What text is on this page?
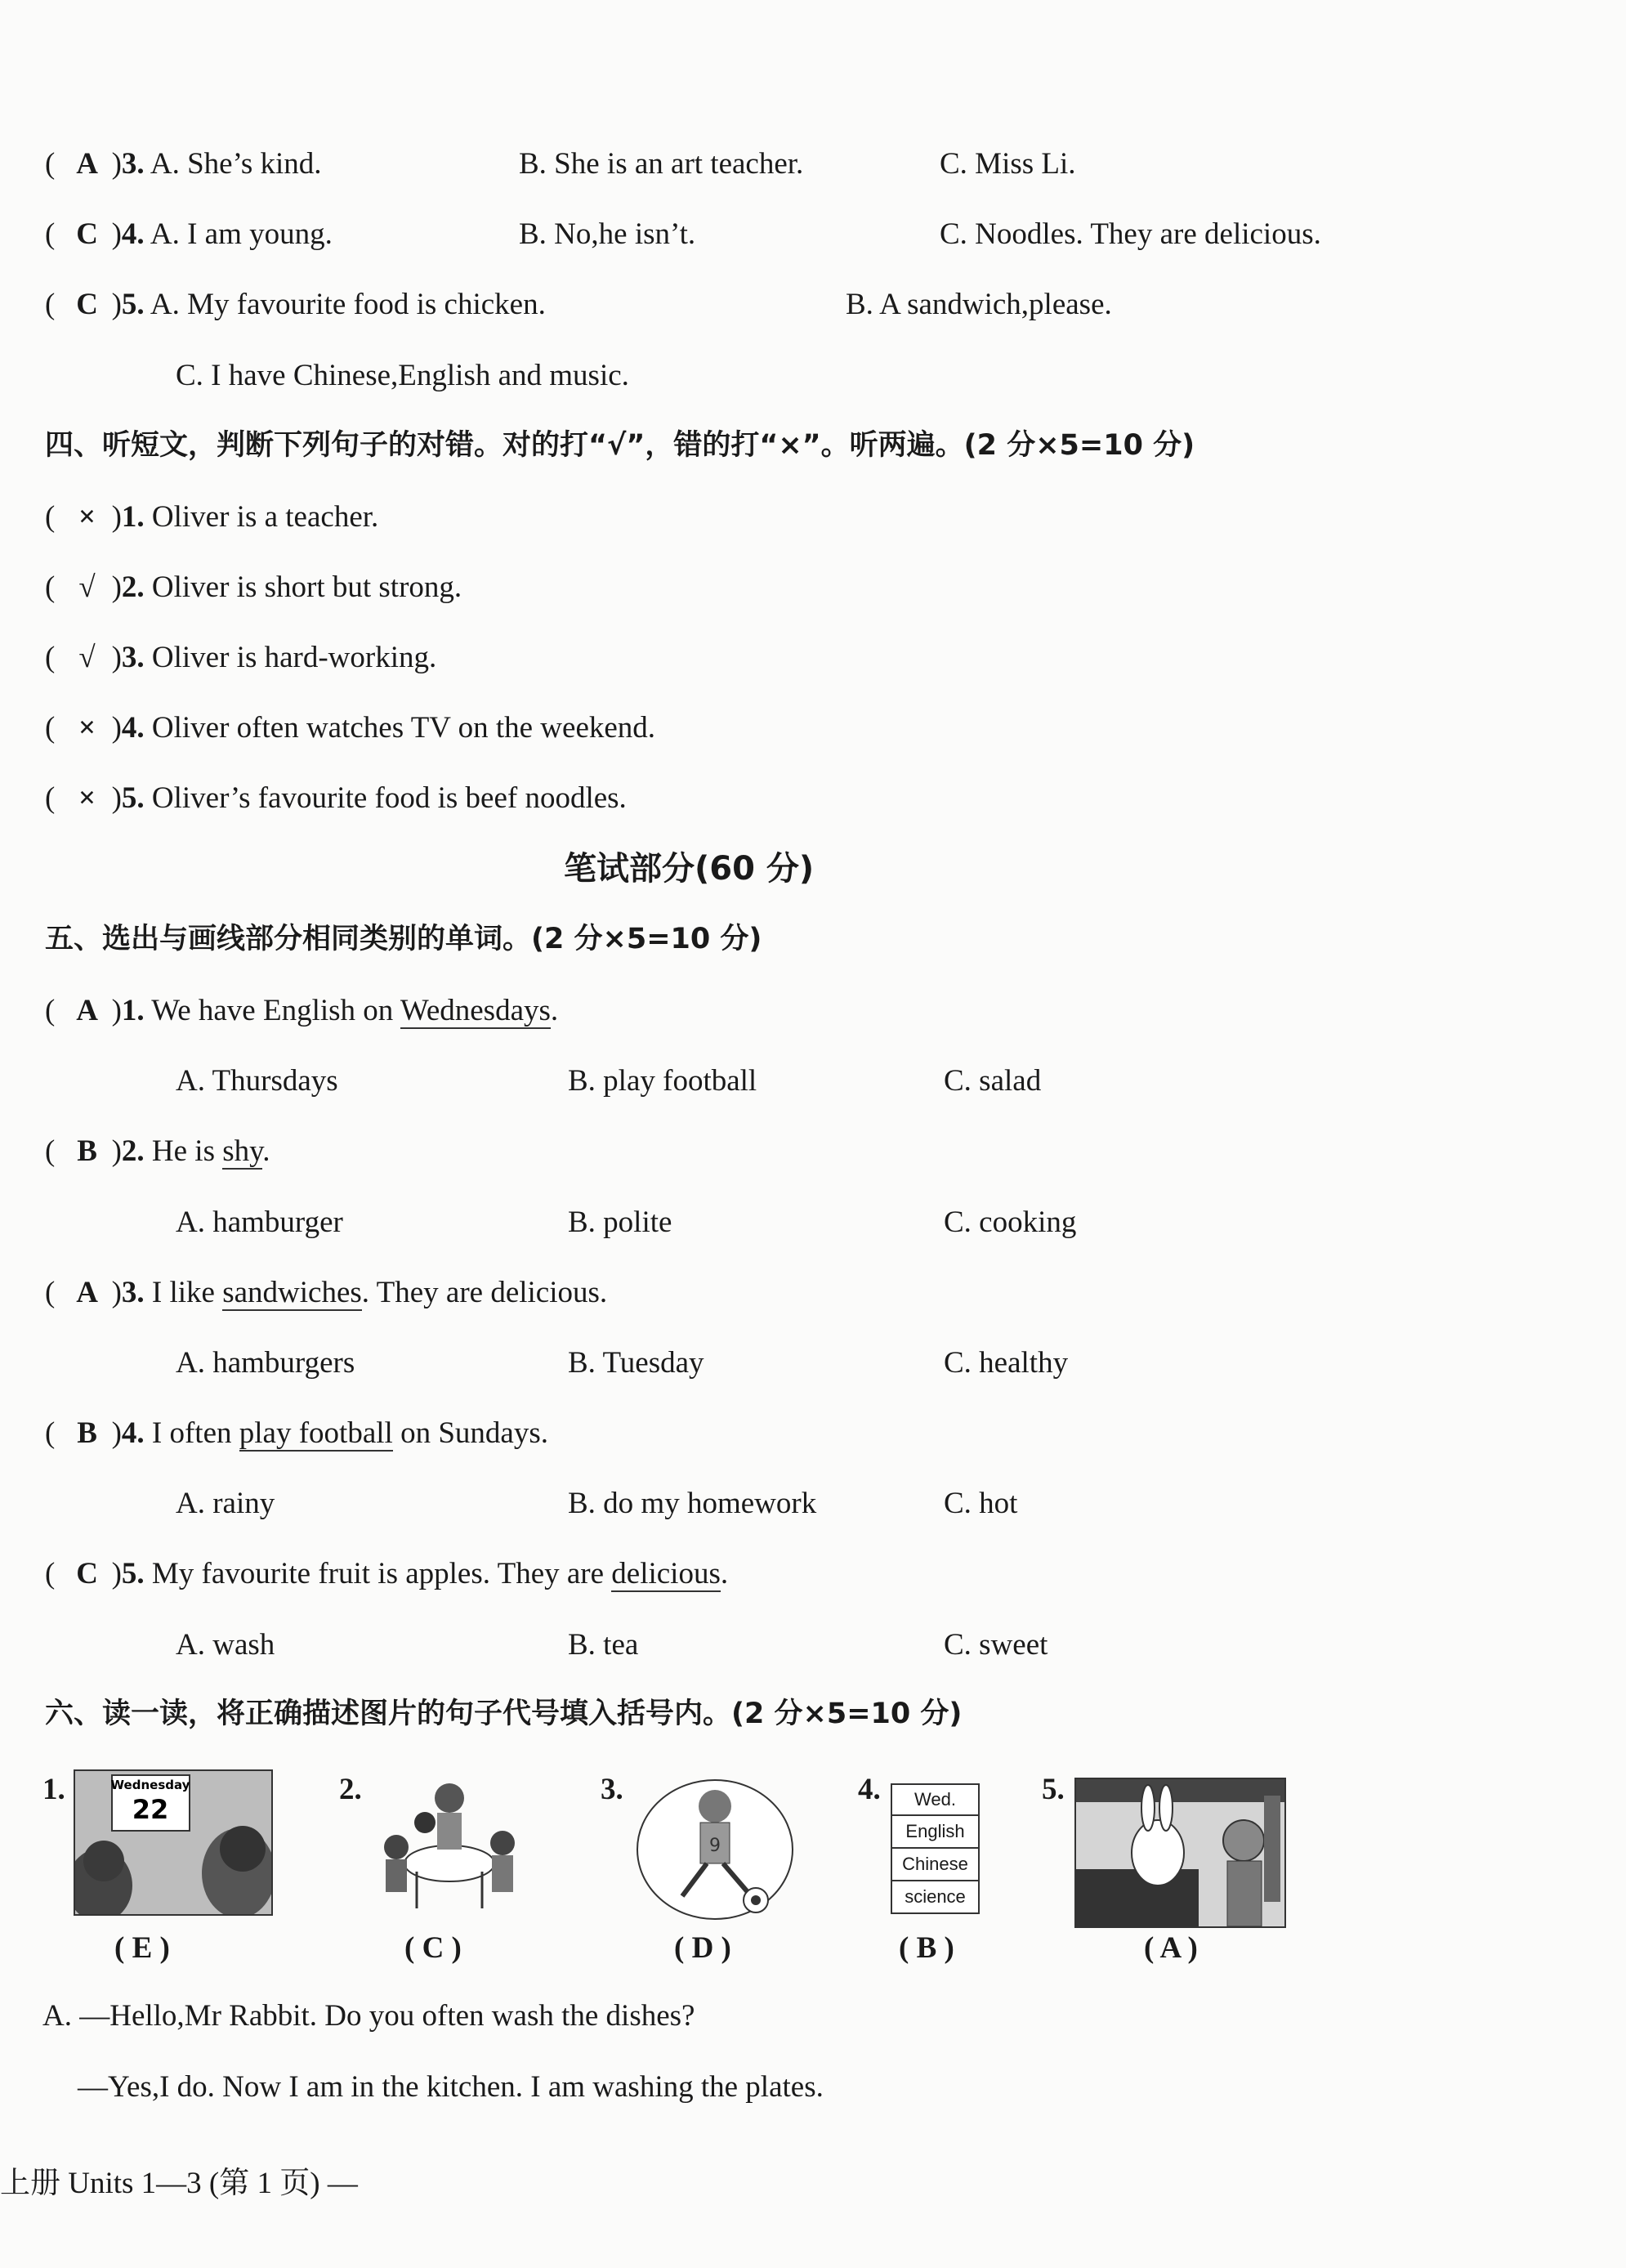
( A )3. A. She’s kind.	B. She is an art teacher.	C. Miss Li.
( C )4. A. I am young.	B. No,he isn’t.	C. Noodles. They are delicious.
( C )5. A. My favourite food is chicken.	B. A sandwich,please.
C. I have Chinese,English and music.
四、听短文，判断下列句子的对错。对的打“√”，错的打“×”。听两遍。(2 分×5=10 分)
( × )1. Oliver is a teacher.
( √ )2. Oliver is short but strong.
( √ )3. Oliver is hard-working.
( × )4. Oliver often watches TV on the weekend.
( × )5. Oliver’s favourite food is beef noodles.
笔试部分(60 分)
五、选出与画线部分相同类别的单词。(2 分×5=10 分)
( A )1. We have English on Wednesdays.
A. Thursdays	B. play football	C. salad
( B )2. He is shy.
A. hamburger	B. polite	C. cooking
( A )3. I like sandwiches. They are delicious.
A. hamburgers	B. Tuesday	C. healthy
( B )4. I often play football on Sundays.
A. rainy	B. do my homework	C. hot
( C )5. My favourite fruit is apples. They are delicious.
A. wash	B. tea	C. sweet
六、读一读，将正确描述图片的句子代号填入括号内。(2 分×5=10 分)
1.	Wednesday
22
( E )
2.
( C )
3.
9
( D )
4.	Wed.
English
Chinese
science
( B )
5.
( A )
A. —Hello,Mr Rabbit. Do you often wash the dishes?
—Yes,I do. Now I am in the kitchen. I am washing the plates.
上册 Units 1—3 (第 1 页) —
